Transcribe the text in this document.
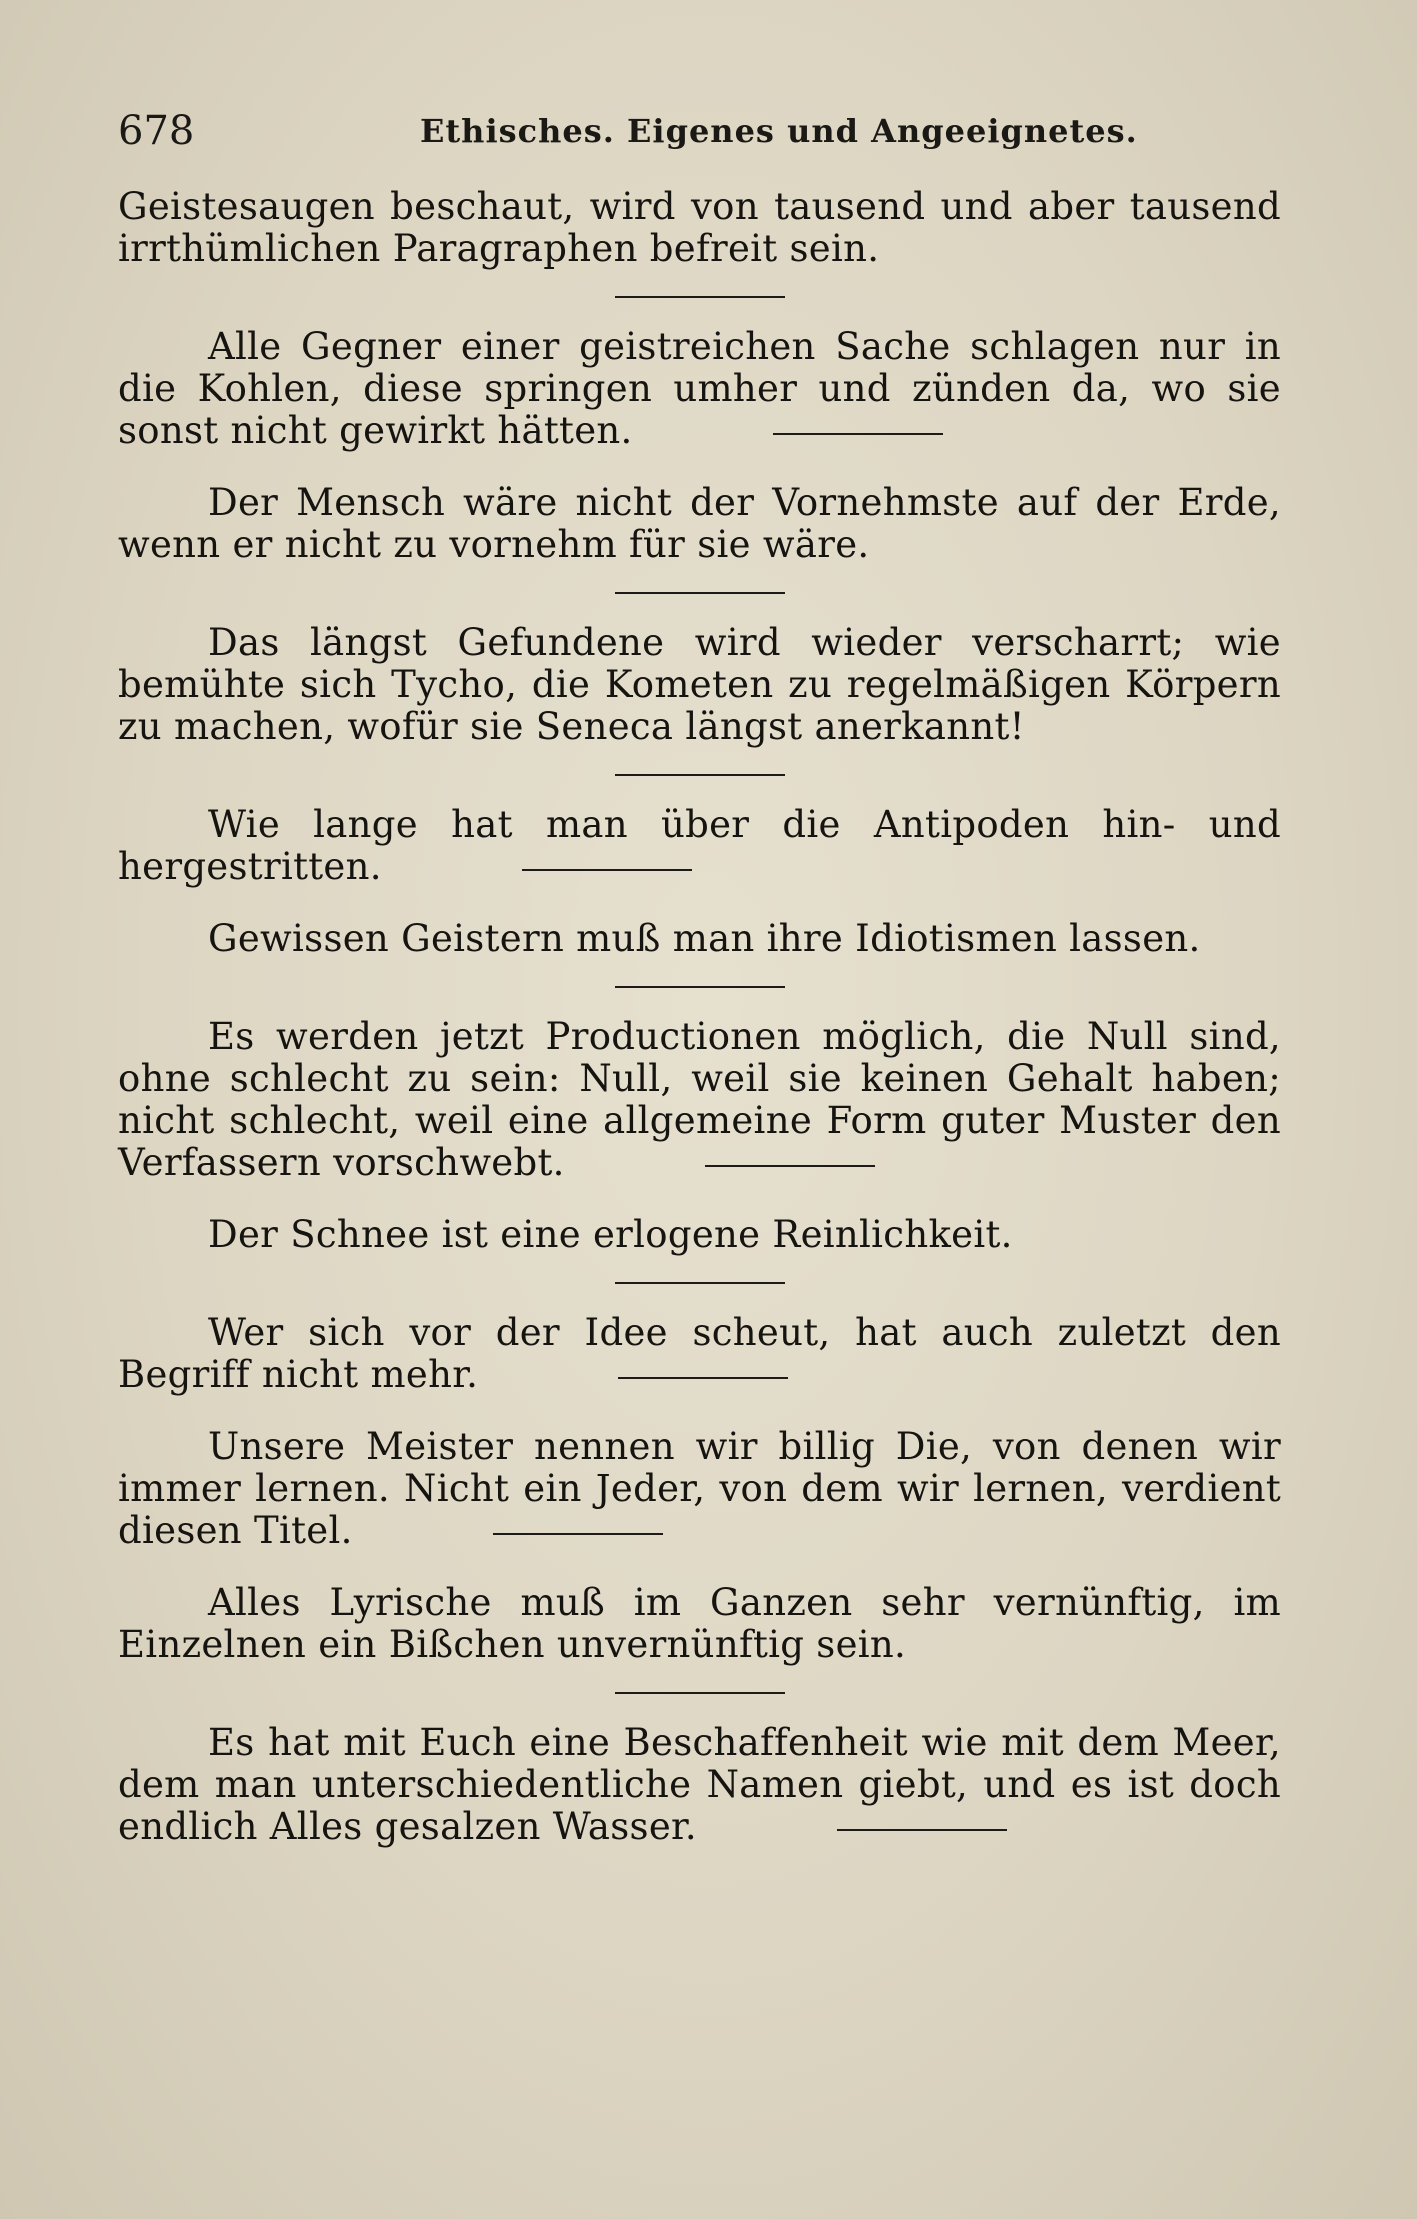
678	Ethisches. Eigenes und Angeeignetes.

Geistesaugen beschaut, wird von tausend und aber tausend irrthümlichen Paragraphen befreit sein.

Alle Gegner einer geistreichen Sache schlagen nur in die Kohlen, diese springen umher und zünden da, wo sie sonst nicht gewirkt hätten.

Der Mensch wäre nicht der Vornehmste auf der Erde, wenn er nicht zu vornehm für sie wäre.

Das längst Gefundene wird wieder verscharrt; wie bemühte sich Tycho, die Kometen zu regelmäßigen Körpern zu machen, wofür sie Seneca längst anerkannt!

Wie lange hat man über die Antipoden hin- und hergestritten.

Gewissen Geistern muß man ihre Idiotismen lassen.

Es werden jetzt Productionen möglich, die Null sind, ohne schlecht zu sein: Null, weil sie keinen Gehalt haben; nicht schlecht, weil eine allgemeine Form guter Muster den Verfassern vorschwebt.

Der Schnee ist eine erlogene Reinlichkeit.

Wer sich vor der Idee scheut, hat auch zuletzt den Begriff nicht mehr.

Unsere Meister nennen wir billig Die, von denen wir immer lernen. Nicht ein Jeder, von dem wir lernen, verdient diesen Titel.

Alles Lyrische muß im Ganzen sehr vernünftig, im Einzelnen ein Bißchen unvernünftig sein.

Es hat mit Euch eine Beschaffenheit wie mit dem Meer, dem man unterschiedentliche Namen giebt, und es ist doch endlich Alles gesalzen Wasser.
